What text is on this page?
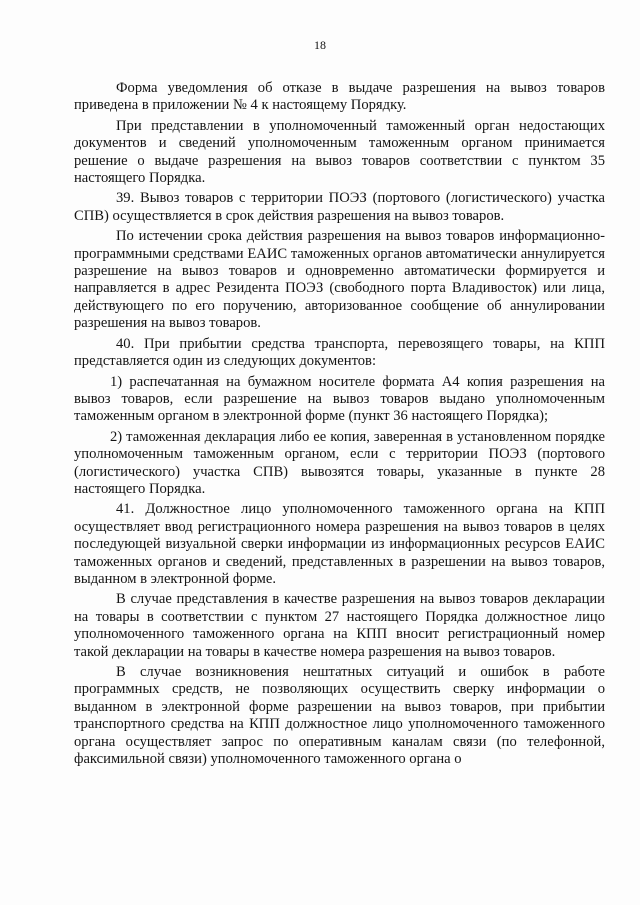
18

Форма уведомления об отказе в выдаче разрешения на вывоз товаров приведена в приложении № 4 к настоящему Порядку.

При представлении в уполномоченный таможенный орган недостающих документов и сведений уполномоченным таможенным органом принимается решение о выдаче разрешения на вывоз товаров соответствии с пунктом 35 настоящего Порядка.

39. Вывоз товаров с территории ПОЭЗ (портового (логистического) участка СПВ) осуществляется в срок действия разрешения на вывоз товаров.

По истечении срока действия разрешения на вывоз товаров информационно-программными средствами ЕАИС таможенных органов автоматически аннулируется разрешение на вывоз товаров и одновременно автоматически формируется и направляется в адрес Резидента ПОЭЗ (свободного порта Владивосток) или лица, действующего по его поручению, авторизованное сообщение об аннулировании разрешения на вывоз товаров.

40. При прибытии средства транспорта, перевозящего товары, на КПП представляется один из следующих документов:

1) распечатанная на бумажном носителе формата А4 копия разрешения на вывоз товаров, если разрешение на вывоз товаров выдано уполномоченным таможенным органом в электронной форме (пункт 36 настоящего Порядка);

2) таможенная декларация либо ее копия, заверенная в установленном порядке уполномоченным таможенным органом, если с территории ПОЭЗ (портового (логистического) участка СПВ) вывозятся товары, указанные в пункте 28 настоящего Порядка.

41. Должностное лицо уполномоченного таможенного органа на КПП осуществляет ввод регистрационного номера разрешения на вывоз товаров в целях последующей визуальной сверки информации из информационных ресурсов ЕАИС таможенных органов и сведений, представленных в разрешении на вывоз товаров, выданном в электронной форме.

В случае представления в качестве разрешения на вывоз товаров декларации на товары в соответствии с пунктом 27 настоящего Порядка должностное лицо уполномоченного таможенного органа на КПП вносит регистрационный номер такой декларации на товары в качестве номера разрешения на вывоз товаров.

В случае возникновения нештатных ситуаций и ошибок в работе программных средств, не позволяющих осуществить сверку информации о выданном в электронной форме разрешении на вывоз товаров, при прибытии транспортного средства на КПП должностное лицо уполномоченного таможенного органа осуществляет запрос по оперативным каналам связи (по телефонной, факсимильной связи) уполномоченного таможенного органа о
